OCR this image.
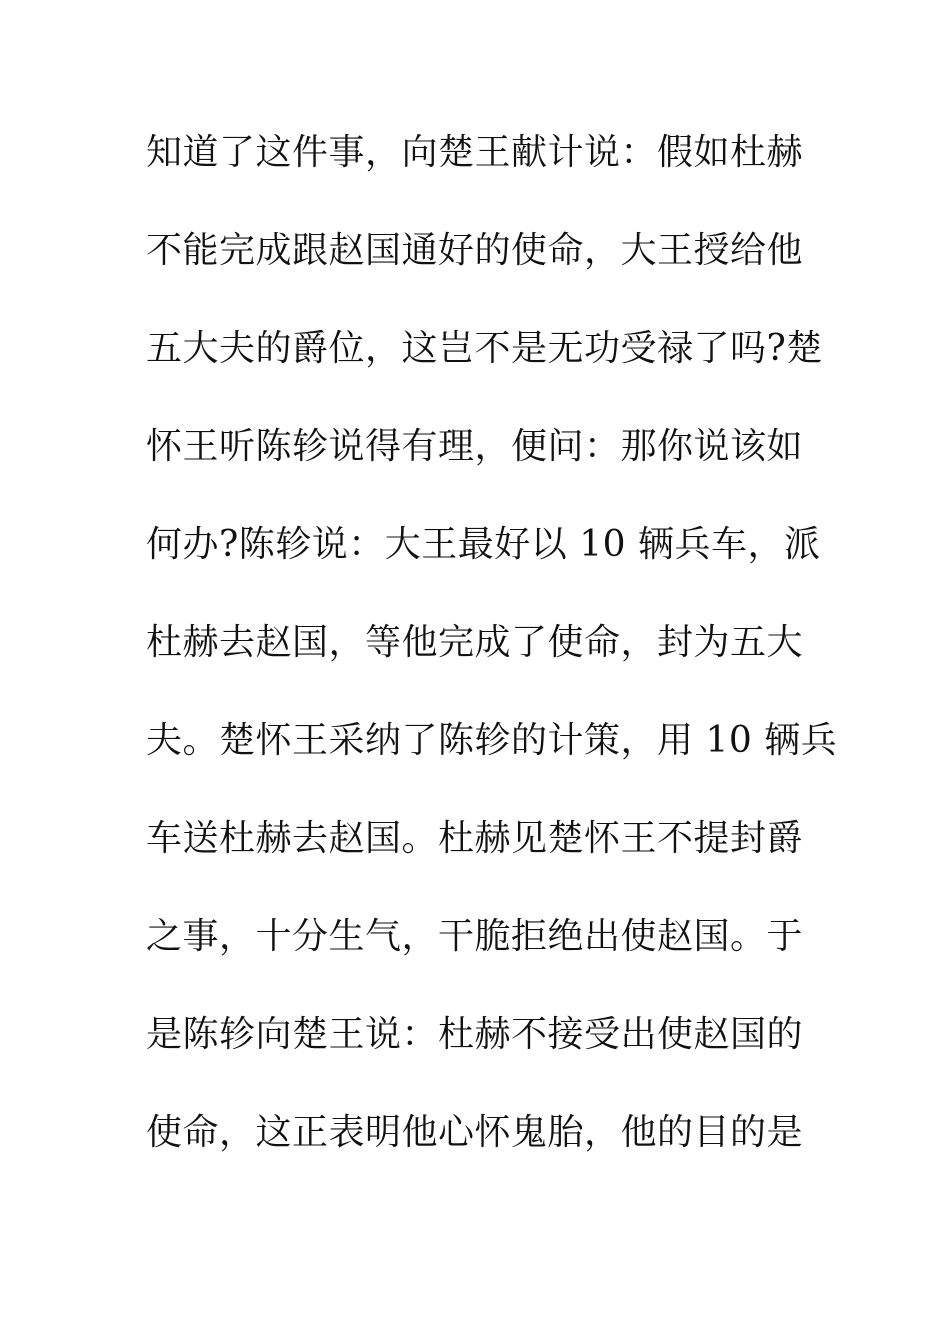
知道了这件事，向楚王献计说：假如杜赫
不能完成跟赵国通好的使命，大王授给他
五大夫的爵位，这岂不是无功受禄了吗?楚
怀王听陈轸说得有理，便问：那你说该如
何办?陈轸说：大王最好以 10 辆兵车，派
杜赫去赵国，等他完成了使命，封为五大
夫。楚怀王采纳了陈轸的计策，用 10 辆兵
车送杜赫去赵国。杜赫见楚怀王不提封爵
之事，十分生气，干脆拒绝出使赵国。于
是陈轸向楚王说：杜赫不接受出使赵国的
使命，这正表明他心怀鬼胎，他的目的是
